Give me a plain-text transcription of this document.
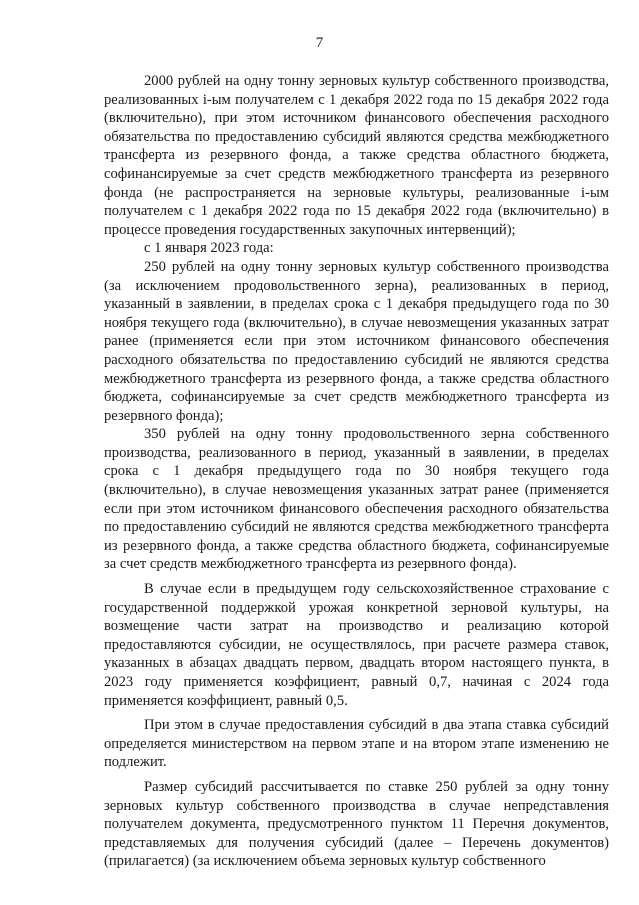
7

2000 рублей на одну тонну зерновых культур собственного производства, реализованных i-ым получателем с 1 декабря 2022 года по 15 декабря 2022 года (включительно), при этом источником финансового обеспечения расходного обязательства по предоставлению субсидий являются средства межбюджетного трансферта из резервного фонда, а также средства областного бюджета, софинансируемые за счет средств межбюджетного трансферта из резервного фонда (не распространяется на зерновые культуры, реализованные i-ым получателем с 1 декабря 2022 года по 15 декабря 2022 года (включительно) в процессе проведения государственных закупочных интервенций);

с 1 января 2023 года:

250 рублей на одну тонну зерновых культур собственного производства (за исключением продовольственного зерна), реализованных в период, указанный в заявлении, в пределах срока с 1 декабря предыдущего года по 30 ноября текущего года (включительно), в случае невозмещения указанных затрат ранее (применяется если при этом источником финансового обеспечения расходного обязательства по предоставлению субсидий не являются средства межбюджетного трансферта из резервного фонда, а также средства областного бюджета, софинансируемые за счет средств межбюджетного трансферта из резервного фонда);

350 рублей на одну тонну продовольственного зерна собственного производства, реализованного в период, указанный в заявлении, в пределах срока с 1 декабря предыдущего года по 30 ноября текущего года (включительно), в случае невозмещения указанных затрат ранее (применяется если при этом источником финансового обеспечения расходного обязательства по предоставлению субсидий не являются средства межбюджетного трансферта из резервного фонда, а также средства областного бюджета, софинансируемые за счет средств межбюджетного трансферта из резервного фонда).

В случае если в предыдущем году сельскохозяйственное страхование с государственной поддержкой урожая конкретной зерновой культуры, на возмещение части затрат на производство и реализацию которой предоставляются субсидии, не осуществлялось, при расчете размера ставок, указанных в абзацах двадцать первом, двадцать втором настоящего пункта, в 2023 году применяется коэффициент, равный 0,7, начиная с 2024 года применяется коэффициент, равный 0,5.

При этом в случае предоставления субсидий в два этапа ставка субсидий определяется министерством на первом этапе и на втором этапе изменению не подлежит.

Размер субсидий рассчитывается по ставке 250 рублей за одну тонну зерновых культур собственного производства в случае непредставления получателем документа, предусмотренного пунктом 11 Перечня документов, представляемых для получения субсидий (далее – Перечень документов) (прилагается) (за исключением объема зерновых культур собственного
